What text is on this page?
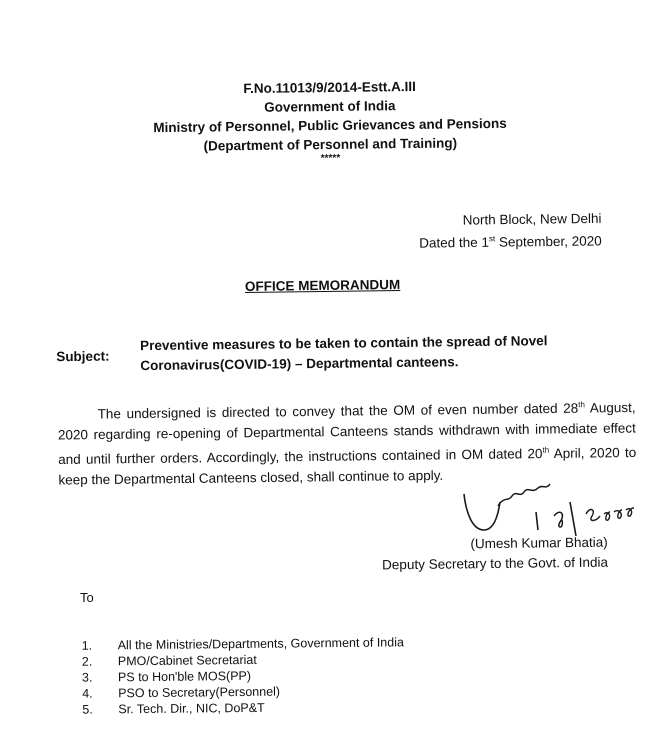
F.No.11013/9/2014-Estt.A.III
Government of India
Ministry of Personnel, Public Grievances and Pensions
(Department of Personnel and Training)
*****
North Block, New Delhi
Dated the 1st September, 2020
OFFICE MEMORANDUM
Subject:
Preventive measures to be taken to contain the spread of Novel Coronavirus(COVID-19) – Departmental canteens.
The undersigned is directed to convey that the OM of even number dated 28th August, 2020 regarding re-opening of Departmental Canteens stands withdrawn with immediate effect and until further orders. Accordingly, the instructions contained in OM dated 20th April, 2020 to keep the Departmental Canteens closed, shall continue to apply.
(Umesh Kumar Bhatia)
Deputy Secretary to the Govt. of India
To
1.	All the Ministries/Departments, Government of India
2.	PMO/Cabinet Secretariat
3.	PS to Hon'ble MOS(PP)
4.	PSO to Secretary(Personnel)
5.	Sr. Tech. Dir., NIC, DoP&T
